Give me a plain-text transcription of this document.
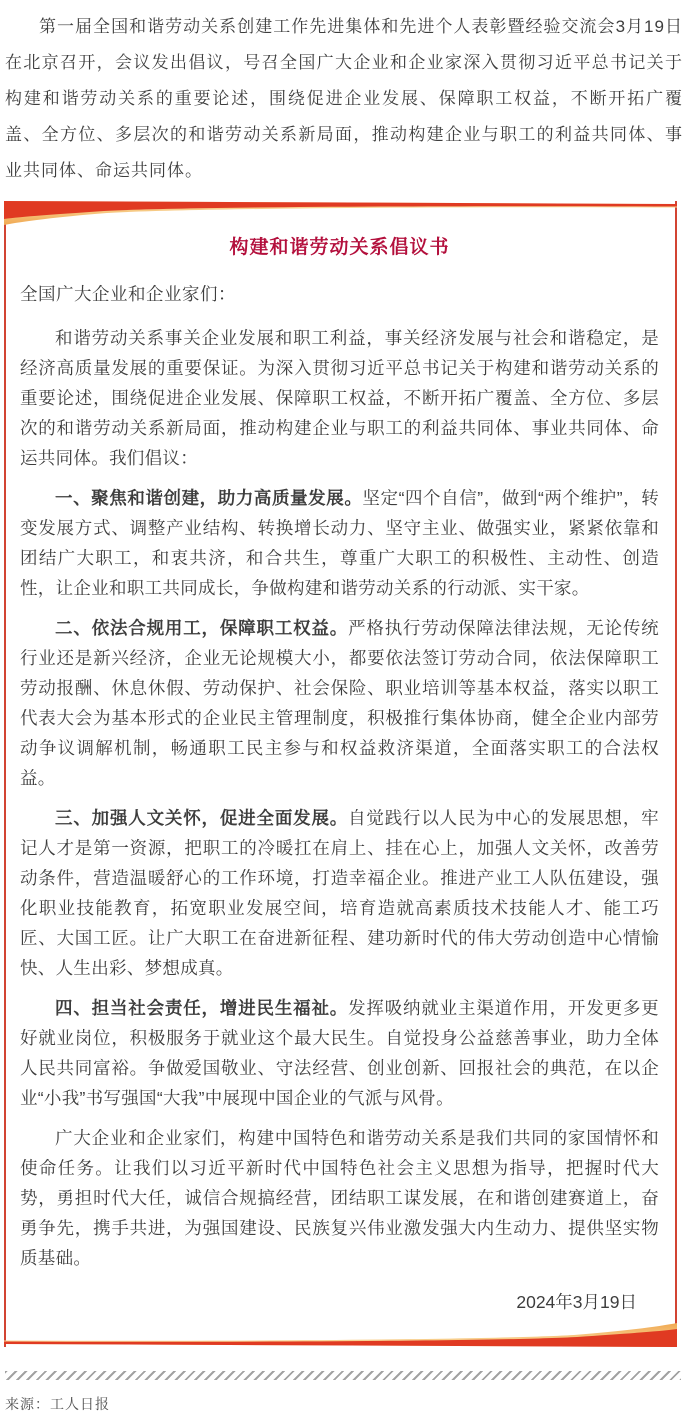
第一届全国和谐劳动关系创建工作先进集体和先进个人表彰暨经验交流会3月19日在北京召开，会议发出倡议，号召全国广大企业和企业家深入贯彻习近平总书记关于构建和谐劳动关系的重要论述，围绕促进企业发展、保障职工权益，不断开拓广覆盖、全方位、多层次的和谐劳动关系新局面，推动构建企业与职工的利益共同体、事业共同体、命运共同体。
构建和谐劳动关系倡议书
全国广大企业和企业家们：

和谐劳动关系事关企业发展和职工利益，事关经济发展与社会和谐稳定，是经济高质量发展的重要保证。为深入贯彻习近平总书记关于构建和谐劳动关系的重要论述，围绕促进企业发展、保障职工权益，不断开拓广覆盖、全方位、多层次的和谐劳动关系新局面，推动构建企业与职工的利益共同体、事业共同体、命运共同体。我们倡议：

一、聚焦和谐创建，助力高质量发展。坚定“四个自信”，做到“两个维护”，转变发展方式、调整产业结构、转换增长动力、坚守主业、做强实业，紧紧依靠和团结广大职工，和衷共济，和合共生，尊重广大职工的积极性、主动性、创造性，让企业和职工共同成长，争做构建和谐劳动关系的行动派、实干家。

二、依法合规用工，保障职工权益。严格执行劳动保障法律法规，无论传统行业还是新兴经济，企业无论规模大小，都要依法签订劳动合同，依法保障职工劳动报酬、休息休假、劳动保护、社会保险、职业培训等基本权益，落实以职工代表大会为基本形式的企业民主管理制度，积极推行集体协商，健全企业内部劳动争议调解机制，畅通职工民主参与和权益救济渠道，全面落实职工的合法权益。

三、加强人文关怀，促进全面发展。自觉践行以人民为中心的发展思想，牢记人才是第一资源，把职工的冷暖扛在肩上、挂在心上，加强人文关怀，改善劳动条件，营造温暖舒心的工作环境，打造幸福企业。推进产业工人队伍建设，强化职业技能教育，拓宽职业发展空间，培育造就高素质技术技能人才、能工巧匠、大国工匠。让广大职工在奋进新征程、建功新时代的伟大劳动创造中心情愉快、人生出彩、梦想成真。

四、担当社会责任，增进民生福祉。发挥吸纳就业主渠道作用，开发更多更好就业岗位，积极服务于就业这个最大民生。自觉投身公益慈善事业，助力全体人民共同富裕。争做爱国敬业、守法经营、创业创新、回报社会的典范，在以企业“小我”书写强国“大我”中展现中国企业的气派与风骨。

广大企业和企业家们，构建中国特色和谐劳动关系是我们共同的家国情怀和使命任务。让我们以习近平新时代中国特色社会主义思想为指导，把握时代大势，勇担时代大任，诚信合规搞经营，团结职工谋发展，在和谐创建赛道上，奋勇争先，携手共进，为强国建设、民族复兴伟业激发强大内生动力、提供坚实物质基础。

2024年3月19日
来源：工人日报
